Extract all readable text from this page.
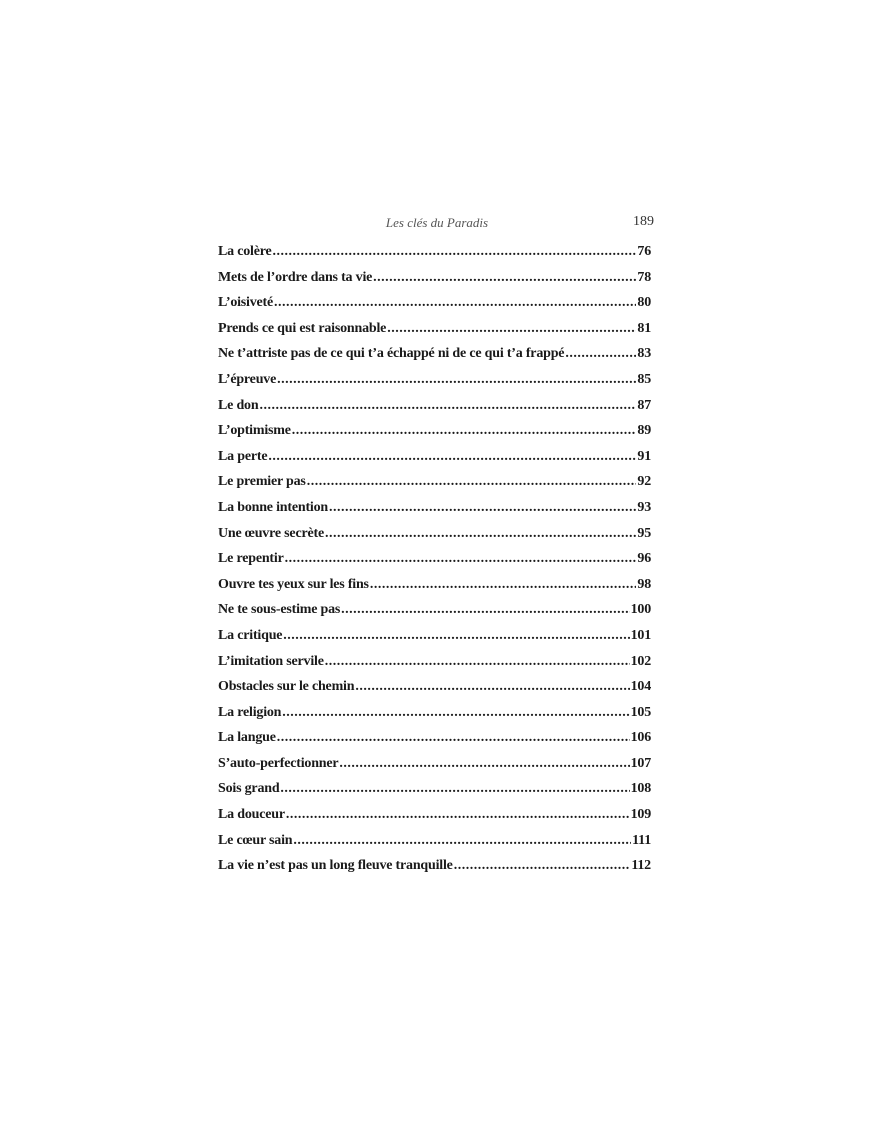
Les clés du Paradis	189
La colère .....	76
Mets de l’ordre dans ta vie .....	78
L’oisiveté .....	80
Prends ce qui est raisonnable .....	81
Ne t’attriste pas de ce qui t’a échappé ni de ce qui t’a frappé .....	83
L’épreuve .....	85
Le don .....	87
L’optimisme .....	89
La perte .....	91
Le premier pas .....	92
La bonne intention .....	93
Une œuvre secrète .....	95
Le repentir .....	96
Ouvre tes yeux sur les fins .....	98
Ne te sous-estime pas .....	100
La critique .....	101
L’imitation servile .....	102
Obstacles sur le chemin .....	104
La religion .....	105
La langue .....	106
S’auto-perfectionner .....	107
Sois grand .....	108
La douceur .....	109
Le cœur sain .....	111
La vie n’est pas un long fleuve tranquille .....	112
